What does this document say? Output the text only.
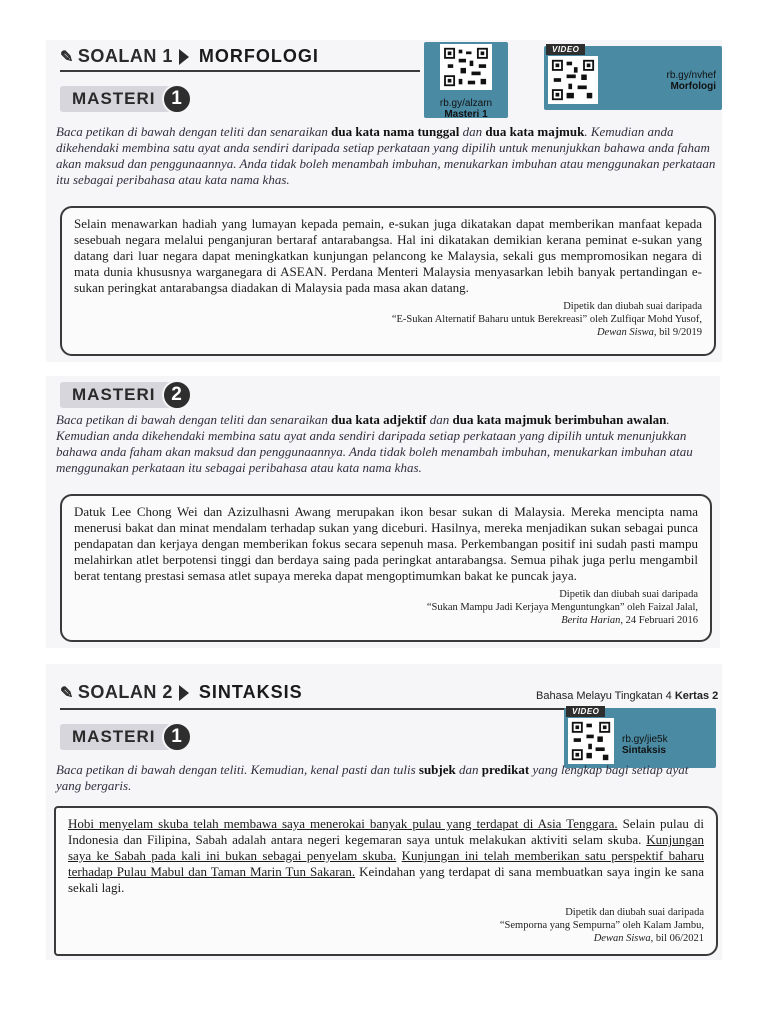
✎ SOALAN 1 MORFOLOGI
rb.gy/alzarn
Masteri 1
VIDEO
rb.gy/nvhef
Morfologi
MASTERI 1
Baca petikan di bawah dengan teliti dan senaraikan dua kata nama tunggal dan dua kata majmuk. Kemudian anda dikehendaki membina satu ayat anda sendiri daripada setiap perkataan yang dipilih untuk menunjukkan bahawa anda faham akan maksud dan penggunaannya. Anda tidak boleh menambah imbuhan, menukarkan imbuhan atau menggunakan perkataan itu sebagai peribahasa atau kata nama khas.

Selain menawarkan hadiah yang lumayan kepada pemain, e-sukan juga dikatakan dapat memberikan manfaat kepada sesebuah negara melalui penganjuran bertaraf antarabangsa. Hal ini dikatakan demikian kerana peminat e-sukan yang datang dari luar negara dapat meningkatkan kunjungan pelancong ke Malaysia, sekali gus mempromosikan negara di mata dunia khususnya warganegara di ASEAN. Perdana Menteri Malaysia menyasarkan lebih banyak pertandingan e-sukan peringkat antarabangsa diadakan di Malaysia pada masa akan datang.

Dipetik dan diubah suai daripada
“E-Sukan Alternatif Baharu untuk Berekreasi” oleh Zulfiqar Mohd Yusof,
Dewan Siswa, bil 9/2019
MASTERI 2
Baca petikan di bawah dengan teliti dan senaraikan dua kata adjektif dan dua kata majmuk berimbuhan awalan. Kemudian anda dikehendaki membina satu ayat anda sendiri daripada setiap perkataan yang dipilih untuk menunjukkan bahawa anda faham akan maksud dan penggunaannya. Anda tidak boleh menambah imbuhan, menukarkan imbuhan atau menggunakan perkataan itu sebagai peribahasa atau kata nama khas.

Datuk Lee Chong Wei dan Azizulhasni Awang merupakan ikon besar sukan di Malaysia. Mereka mencipta nama menerusi bakat dan minat mendalam terhadap sukan yang diceburi. Hasilnya, mereka menjadikan sukan sebagai punca pendapatan dan kerjaya dengan memberikan fokus secara sepenuh masa. Perkembangan positif ini sudah pasti mampu melahirkan atlet berpotensi tinggi dan berdaya saing pada peringkat antarabangsa. Semua pihak juga perlu mengambil berat tentang prestasi semasa atlet supaya mereka dapat mengoptimumkan bakat ke puncak jaya.

Dipetik dan diubah suai daripada
“Sukan Mampu Jadi Kerjaya Menguntungkan” oleh Faizal Jalal,
Berita Harian, 24 Februari 2016
✎ SOALAN 2 SINTAKSIS	Bahasa Melayu Tingkatan 4 Kertas 2
VIDEO
rb.gy/jie5k
Sintaksis
MASTERI 1
Baca petikan di bawah dengan teliti. Kemudian, kenal pasti dan tulis subjek dan predikat yang lengkap bagi setiap ayat yang bergaris.

Hobi menyelam skuba telah membawa saya menerokai banyak pulau yang terdapat di Asia Tenggara. Selain pulau di Indonesia dan Filipina, Sabah adalah antara negeri kegemaran saya untuk melakukan aktiviti selam skuba. Kunjungan saya ke Sabah pada kali ini bukan sebagai penyelam skuba. Kunjungan ini telah memberikan satu perspektif baharu terhadap Pulau Mabul dan Taman Marin Tun Sakaran. Keindahan yang terdapat di sana membuatkan saya ingin ke sana sekali lagi.

Dipetik dan diubah suai daripada
“Semporna yang Sempurna” oleh Kalam Jambu,
Dewan Siswa, bil 06/2021
